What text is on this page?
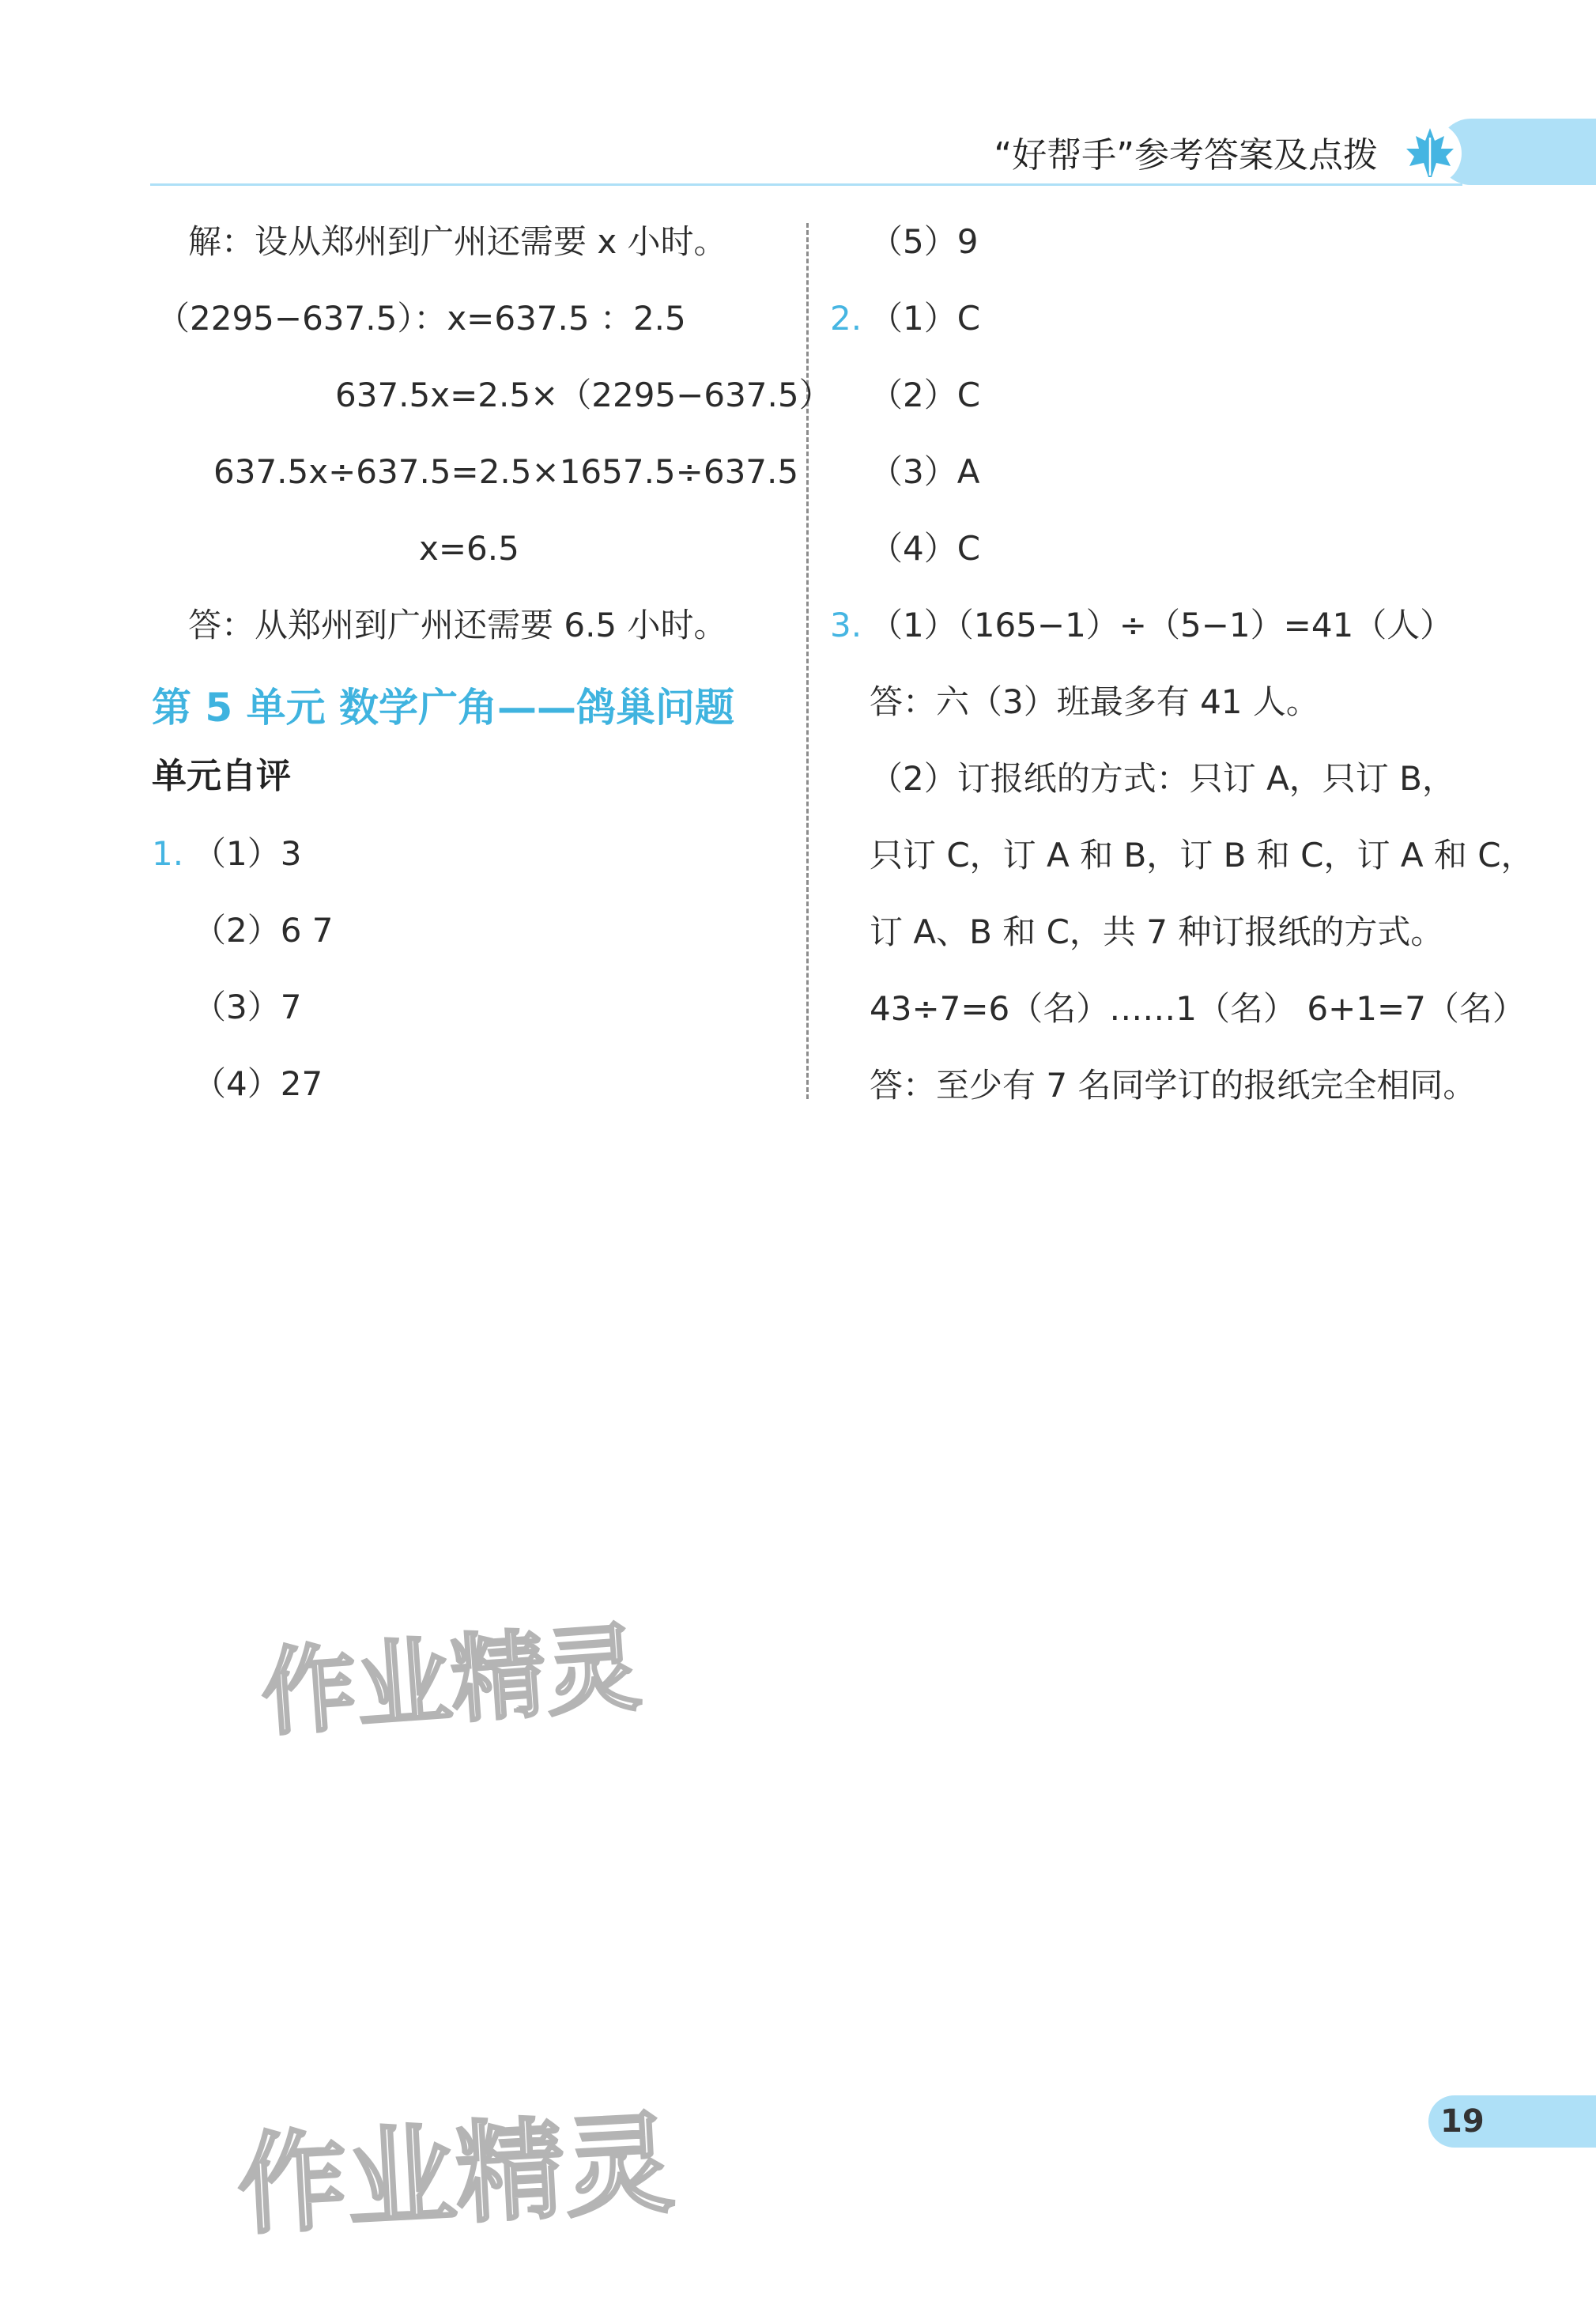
“好帮手”参考答案及点拨
解：设从郑州到广州还需要 x 小时。
（2295−637.5）：x=637.5 ：2.5
637.5x=2.5×（2295−637.5）
637.5x÷637.5=2.5×1657.5÷637.5
x=6.5
答：从郑州到广州还需要 6.5 小时。
第 5 单元 数学广角——鸽巢问题
单元自评
1. （1）3
（2）6 7
（3）7
（4）27
（5）9
2. （1）C
（2）C
（3）A
（4）C
3. （1）（165−1）÷（5−1）=41（人）
答：六（3）班最多有 41 人。
（2）订报纸的方式：只订 A，只订 B，
只订 C，订 A 和 B，订 B 和 C，订 A 和 C，
订 A、B 和 C，共 7 种订报纸的方式。
43÷7=6（名）……1（名） 6+1=7（名）
答：至少有 7 名同学订的报纸完全相同。
作业精灵
作业精灵	19
